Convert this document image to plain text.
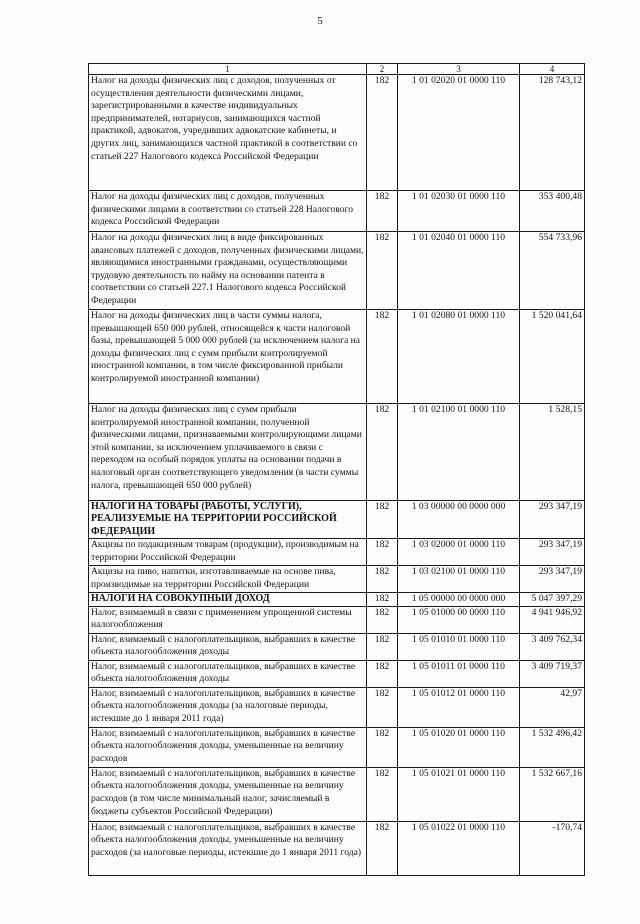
5
1	2	3	4
Налог на доходы физических лиц с доходов, полученных от осуществления деятельности физическими лицами, зарегистрированными в качестве индивидуальных предпринимателей, нотариусов, занимающихся частной практикой, адвокатов, учредивших адвокатские кабинеты, и других лиц, занимающихся частной практикой в соответствии со статьей 227 Налогового кодекса Российской Федерации	182	1 01 02020 01 0000 110	128 743,12
Налог на доходы физических лиц с доходов, полученных физическими лицами в соответствии со статьей 228 Налогового кодекса Российской Федерации	182	1 01 02030 01 0000 110	353 400,48
Налог на доходы физических лиц в виде фиксированных авансовых платежей с доходов, полученных физическими лицами, являющимися иностранными гражданами, осуществляющими трудовую деятельность по найму на основании патента в соответствии со статьей 227.1 Налогового кодекса Российской Федерации	182	1 01 02040 01 0000 110	554 733,96
Налог на доходы физических лиц в части суммы налога, превышающей 650 000 рублей, относящейся к части налоговой базы, превышающей 5 000 000 рублей (за исключением налога на доходы физических лиц с сумм прибыли контролируемой иностранной компании, в том числе фиксированной прибыли контролируемой иностранной компании)	182	1 01 02080 01 0000 110	1 520 041,64
Налог на доходы физических лиц с сумм прибыли контролируемой иностранной компании, полученной физическими лицами, признаваемыми контролирующими лицами этой компании, за исключением уплачиваемого в связи с переходом на особый порядок уплаты на основании подачи в налоговый орган соответствующего уведомления (в части суммы налога, превышающей 650 000 рублей)	182	1 01 02100 01 0000 110	1 528,15
НАЛОГИ НА ТОВАРЫ (РАБОТЫ, УСЛУГИ), РЕАЛИЗУЕМЫЕ НА ТЕРРИТОРИИ РОССИЙСКОЙ ФЕДЕРАЦИИ	182	1 03 00000 00 0000 000	293 347,19
Акцизы по подакцизным товарам (продукции), производимым на территории Российской Федерации	182	1 03 02000 01 0000 110	293 347,19
Акцизы на пиво, напитки, изготавливаемые на основе пива, производимые на территории Российской Федерации	182	1 03 02100 01 0000 110	293 347,19
НАЛОГИ НА СОВОКУПНЫЙ ДОХОД	182	1 05 00000 00 0000 000	5 047 397,29
Налог, взимаемый в связи с применением упрощенной системы налогообложения	182	1 05 01000 00 0000 110	4 941 946,92
Налог, взимаемый с налогоплательщиков, выбравших в качестве объекта налогообложения доходы	182	1 05 01010 01 0000 110	3 409 762,34
Налог, взимаемый с налогоплательщиков, выбравших в качестве объекта налогообложения доходы	182	1 05 01011 01 0000 110	3 409 719,37
Налог, взимаемый с налогоплательщиков, выбравших в качестве объекта налогообложения доходы (за налоговые периоды, истекшие до 1 января 2011 года)	182	1 05 01012 01 0000 110	42,97
Налог, взимаемый с налогоплательщиков, выбравших в качестве объекта налогообложения доходы, уменьшенные на величину расходов	182	1 05 01020 01 0000 110	1 532 496,42
Налог, взимаемый с налогоплательщиков, выбравших в качестве объекта налогообложения доходы, уменьшенные на величину расходов (в том числе минимальный налог, зачисляемый в бюджеты субъектов Российской Федерации)	182	1 05 01021 01 0000 110	1 532 667,16
Налог, взимаемый с налогоплательщиков, выбравших в качестве объекта налогообложения доходы, уменьшенные на величину расходов (за налоговые периоды, истекшие до 1 января 2011 года)	182	1 05 01022 01 0000 110	-170,74
